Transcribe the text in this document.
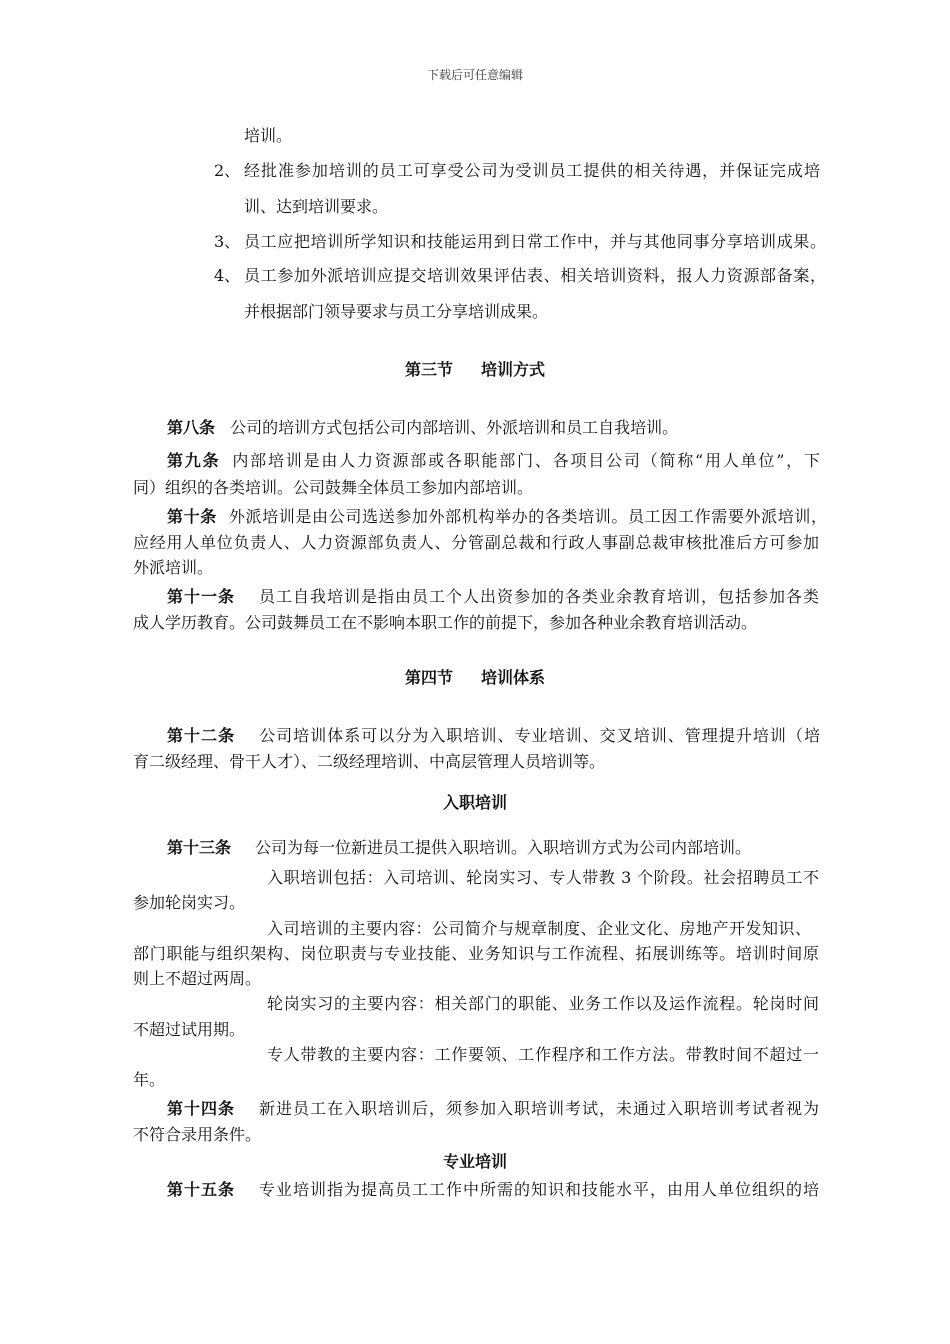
下载后可任意编辑
培训。
2、 经批准参加培训的员工可享受公司为受训员工提供的相关待遇，并保证完成培
训、达到培训要求。
3、 员工应把培训所学知识和技能运用到日常工作中，并与其他同事分享培训成果。
4、 员工参加外派培训应提交培训效果评估表、相关培训资料，报人力资源部备案，
并根据部门领导要求与员工分享培训成果。
第三节 培训方式
第八条 公司的培训方式包括公司内部培训、外派培训和员工自我培训。
第九条 内部培训是由人力资源部或各职能部门、各项目公司（简称“用人单位”，下
同）组织的各类培训。公司鼓舞全体员工参加内部培训。
第十条 外派培训是由公司选送参加外部机构举办的各类培训。员工因工作需要外派培训，
应经用人单位负责人、人力资源部负责人、分管副总裁和行政人事副总裁审核批准后方可参加
外派培训。
第十一条 员工自我培训是指由员工个人出资参加的各类业余教育培训，包括参加各类
成人学历教育。公司鼓舞员工在不影响本职工作的前提下，参加各种业余教育培训活动。
第四节 培训体系
第十二条 公司培训体系可以分为入职培训、专业培训、交叉培训、管理提升培训（培
育二级经理、骨干人才）、二级经理培训、中高层管理人员培训等。
入职培训
第十三条 公司为每一位新进员工提供入职培训。入职培训方式为公司内部培训。
入职培训包括：入司培训、轮岗实习、专人带教 3 个阶段。社会招聘员工不
参加轮岗实习。
入司培训的主要内容：公司简介与规章制度、企业文化、房地产开发知识、
部门职能与组织架构、岗位职责与专业技能、业务知识与工作流程、拓展训练等。培训时间原
则上不超过两周。
轮岗实习的主要内容：相关部门的职能、业务工作以及运作流程。轮岗时间
不超过试用期。
专人带教的主要内容：工作要领、工作程序和工作方法。带教时间不超过一
年。
第十四条 新进员工在入职培训后，须参加入职培训考试，未通过入职培训考试者视为
不符合录用条件。
专业培训
第十五条 专业培训指为提高员工工作中所需的知识和技能水平，由用人单位组织的培
